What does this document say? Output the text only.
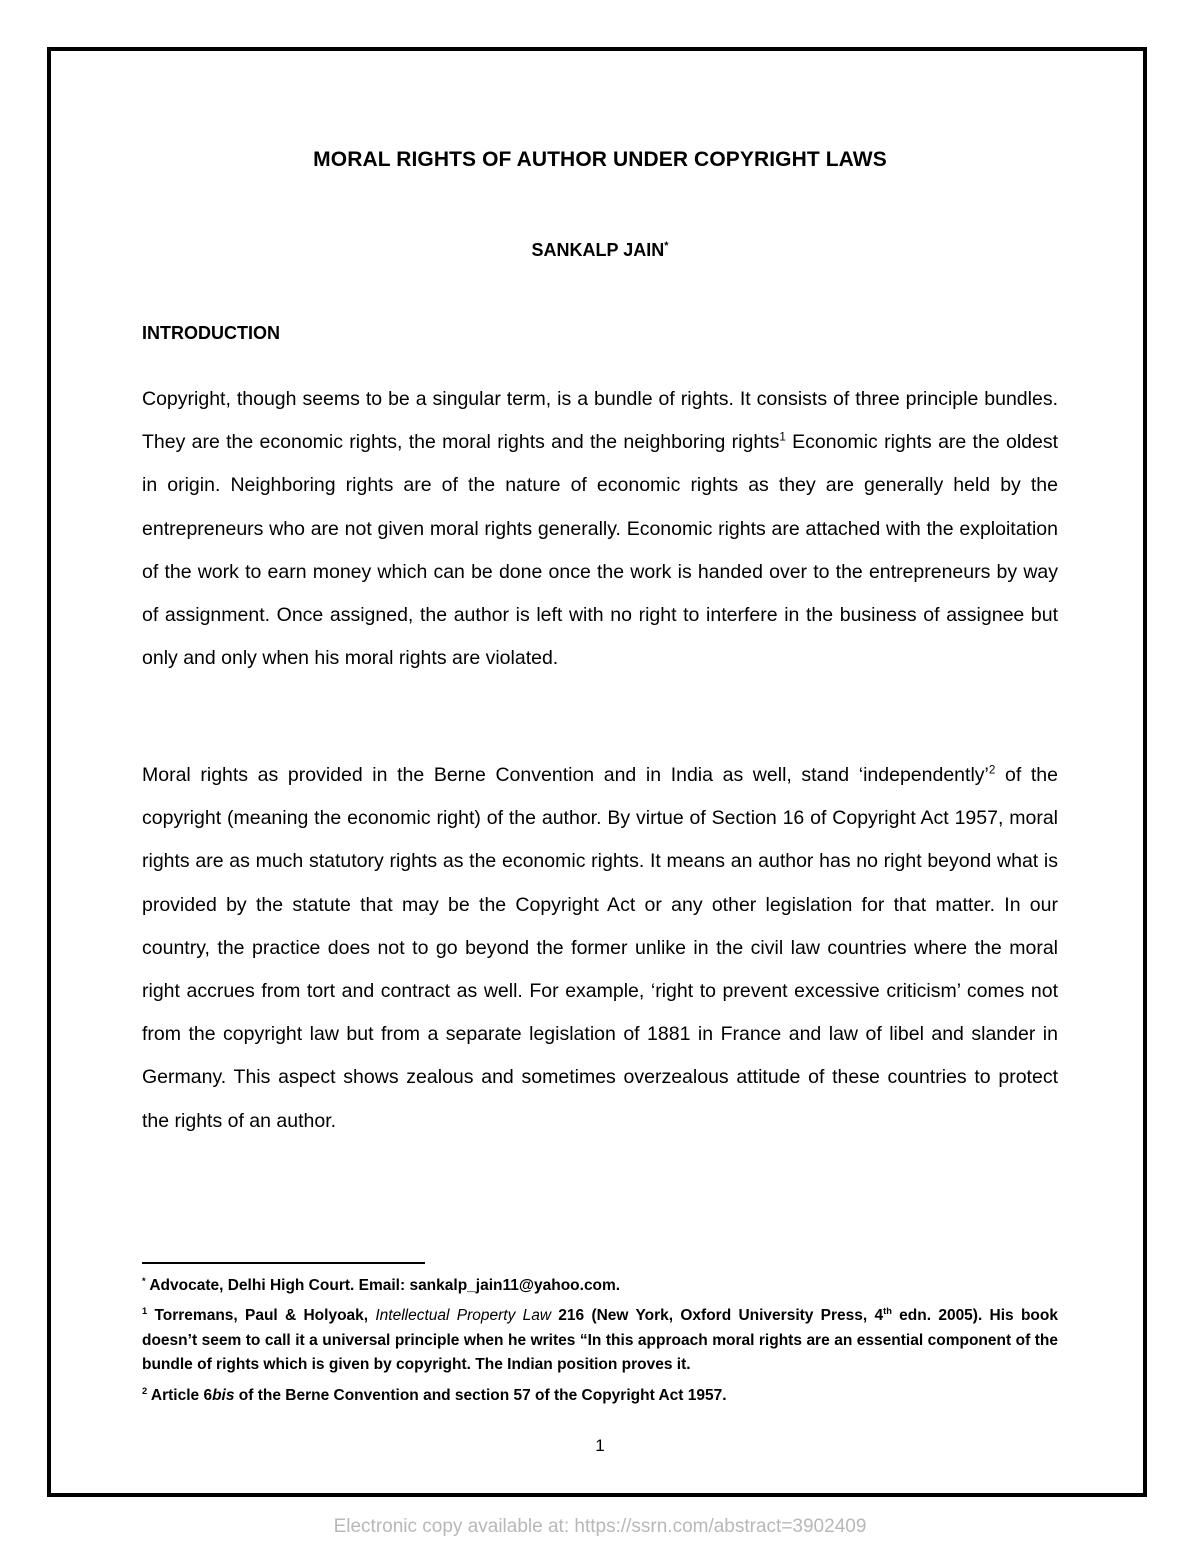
MORAL RIGHTS OF AUTHOR UNDER COPYRIGHT LAWS
SANKALP JAIN*
INTRODUCTION

Copyright, though seems to be a singular term, is a bundle of rights. It consists of three principle bundles. They are the economic rights, the moral rights and the neighboring rights$^1$ Economic rights are the oldest in origin. Neighboring rights are of the nature of economic rights as they are generally held by the entrepreneurs who are not given moral rights generally. Economic rights are attached with the exploitation of the work to earn money which can be done once the work is handed over to the entrepreneurs by way of assignment. Once assigned, the author is left with no right to interfere in the business of assignee but only and only when his moral rights are violated.

Moral rights as provided in the Berne Convention and in India as well, stand ‘independently’$^2$ of the copyright (meaning the economic right) of the author. By virtue of Section 16 of Copyright Act 1957, moral rights are as much statutory rights as the economic rights. It means an author has no right beyond what is provided by the statute that may be the Copyright Act or any other legislation for that matter. In our country, the practice does not to go beyond the former unlike in the civil law countries where the moral right accrues from tort and contract as well. For example, ‘right to prevent excessive criticism’ comes not from the copyright law but from a separate legislation of 1881 in France and law of libel and slander in Germany. This aspect shows zealous and sometimes overzealous attitude of these countries to protect the rights of an author.

* Advocate, Delhi High Court. Email: sankalp_jain11@yahoo.com.

$^1$ Torremans, Paul & Holyoak, Intellectual Property Law 216 (New York, Oxford University Press, 4th edn. 2005). His book doesn’t seem to call it a universal principle when he writes “In this approach moral rights are an essential component of the bundle of rights which is given by copyright. The Indian position proves it.

$^2$ Article 6bis of the Berne Convention and section 57 of the Copyright Act 1957.

1
Electronic copy available at: https://ssrn.com/abstract=3902409
